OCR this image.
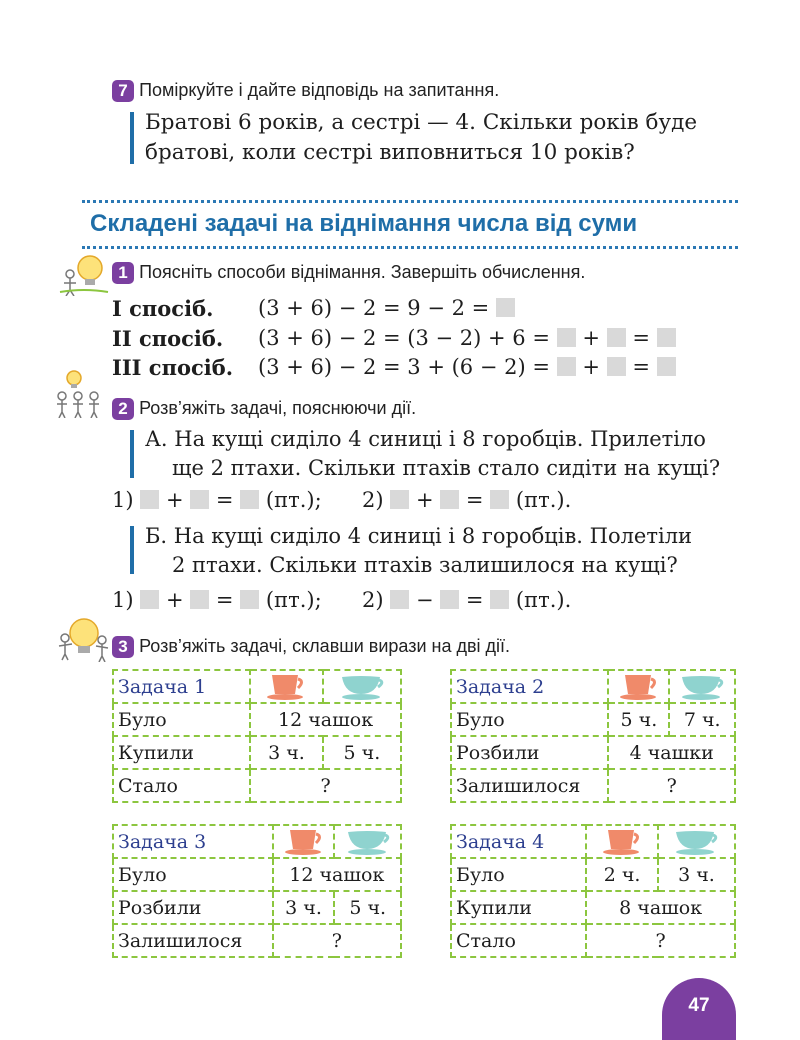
7 Поміркуйте і дайте відповідь на запитання.
Братові 6 років, а сестрі — 4. Скільки років буде
братові, коли сестрі виповниться 10 років?
Складені задачі на віднімання числа від суми
1 Поясніть способи віднімання. Завершіть обчислення.
I спосіб. (3 + 6) − 2 = 9 − 2 =
II спосіб. (3 + 6) − 2 = (3 − 2) + 6 = + =
III спосіб. (3 + 6) − 2 = 3 + (6 − 2) = + =
2 Розв’яжіть задачі, пояснюючи дії.
А. На кущі сиділо 4 синиці і 8 горобців. Прилетіло
ще 2 птахи. Скільки птахів стало сидіти на кущі?
1) + = (пт.); 2) + = (пт.).
Б. На кущі сиділо 4 синиці і 8 горобців. Полетіли
2 птахи. Скільки птахів залишилося на кущі?
1) + = (пт.); 2) − = (пт.).
3 Розв’яжіть задачі, склавши вирази на дві дії.
Задача 1	

Було	12 чашок	
Купили	3 ч.	5 ч.
Стало	?	
Задача 2	

Було	5 ч.	7 ч.
Розбили	4 чашки	
Залишилося	?	
Задача 3	

Було	12 чашок	
Розбили	3 ч.	5 ч.
Залишилося	?	
Задача 4	

Було	2 ч.	3 ч.
Купили	8 чашок	
Стало	?	
47
